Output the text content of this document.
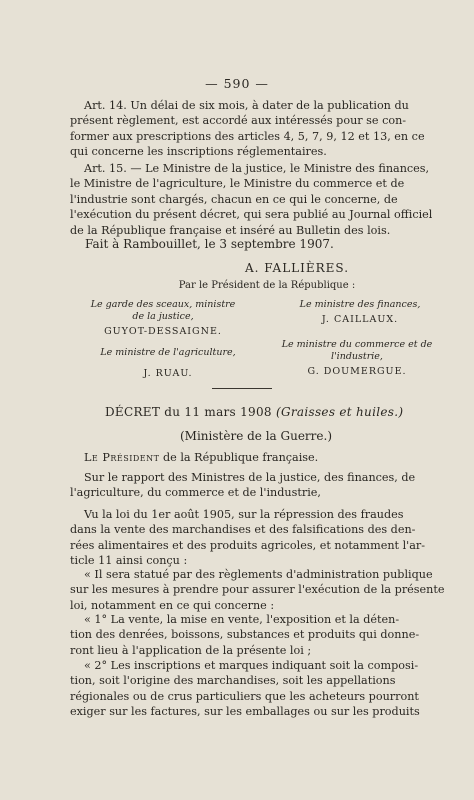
— 590 —
Art. 14. Un délai de six mois, à dater de la publication du
présent règlement, est accordé aux intéressés pour se con-
former aux prescriptions des articles 4, 5, 7, 9, 12 et 13, en ce
qui concerne les inscriptions réglementaires.
Art. 15. — Le Ministre de la justice, le Ministre des finances,
le Ministre de l'agriculture, le Ministre du commerce et de
l'industrie sont chargés, chacun en ce qui le concerne, de
l'exécution du présent décret, qui sera publié au Journal officiel
de la République française et inséré au Bulletin des lois.
Fait à Rambouillet, le 3 septembre 1907.
A. FALLIÈRES.
Par le Président de la République :
Le garde des sceaux, ministre
de la justice,
GUYOT-DESSAIGNE.
Le ministre des finances,
J. CAILLAUX.
Le ministre de l'agriculture,
J. RUAU.
Le ministre du commerce et de
l'industrie,
G. DOUMERGUE.
DÉCRET du 11 mars 1908 (Graisses et huiles.)
(Ministère de la Guerre.)
Le Président de la République française.
Sur le rapport des Ministres de la justice, des finances, de
l'agriculture, du commerce et de l'industrie,
Vu la loi du 1er août 1905, sur la répression des fraudes
dans la vente des marchandises et des falsifications des den-
rées alimentaires et des produits agricoles, et notamment l'ar-
ticle 11 ainsi conçu :
« Il sera statué par des règlements d'administration publique
sur les mesures à prendre pour assurer l'exécution de la présente
loi, notamment en ce qui concerne :
« 1° La vente, la mise en vente, l'exposition et la déten-
tion des denrées, boissons, substances et produits qui donne-
ront lieu à l'application de la présente loi ;
« 2° Les inscriptions et marques indiquant soit la composi-
tion, soit l'origine des marchandises, soit les appellations
régionales ou de crus particuliers que les acheteurs pourront
exiger sur les factures, sur les emballages ou sur les produits
